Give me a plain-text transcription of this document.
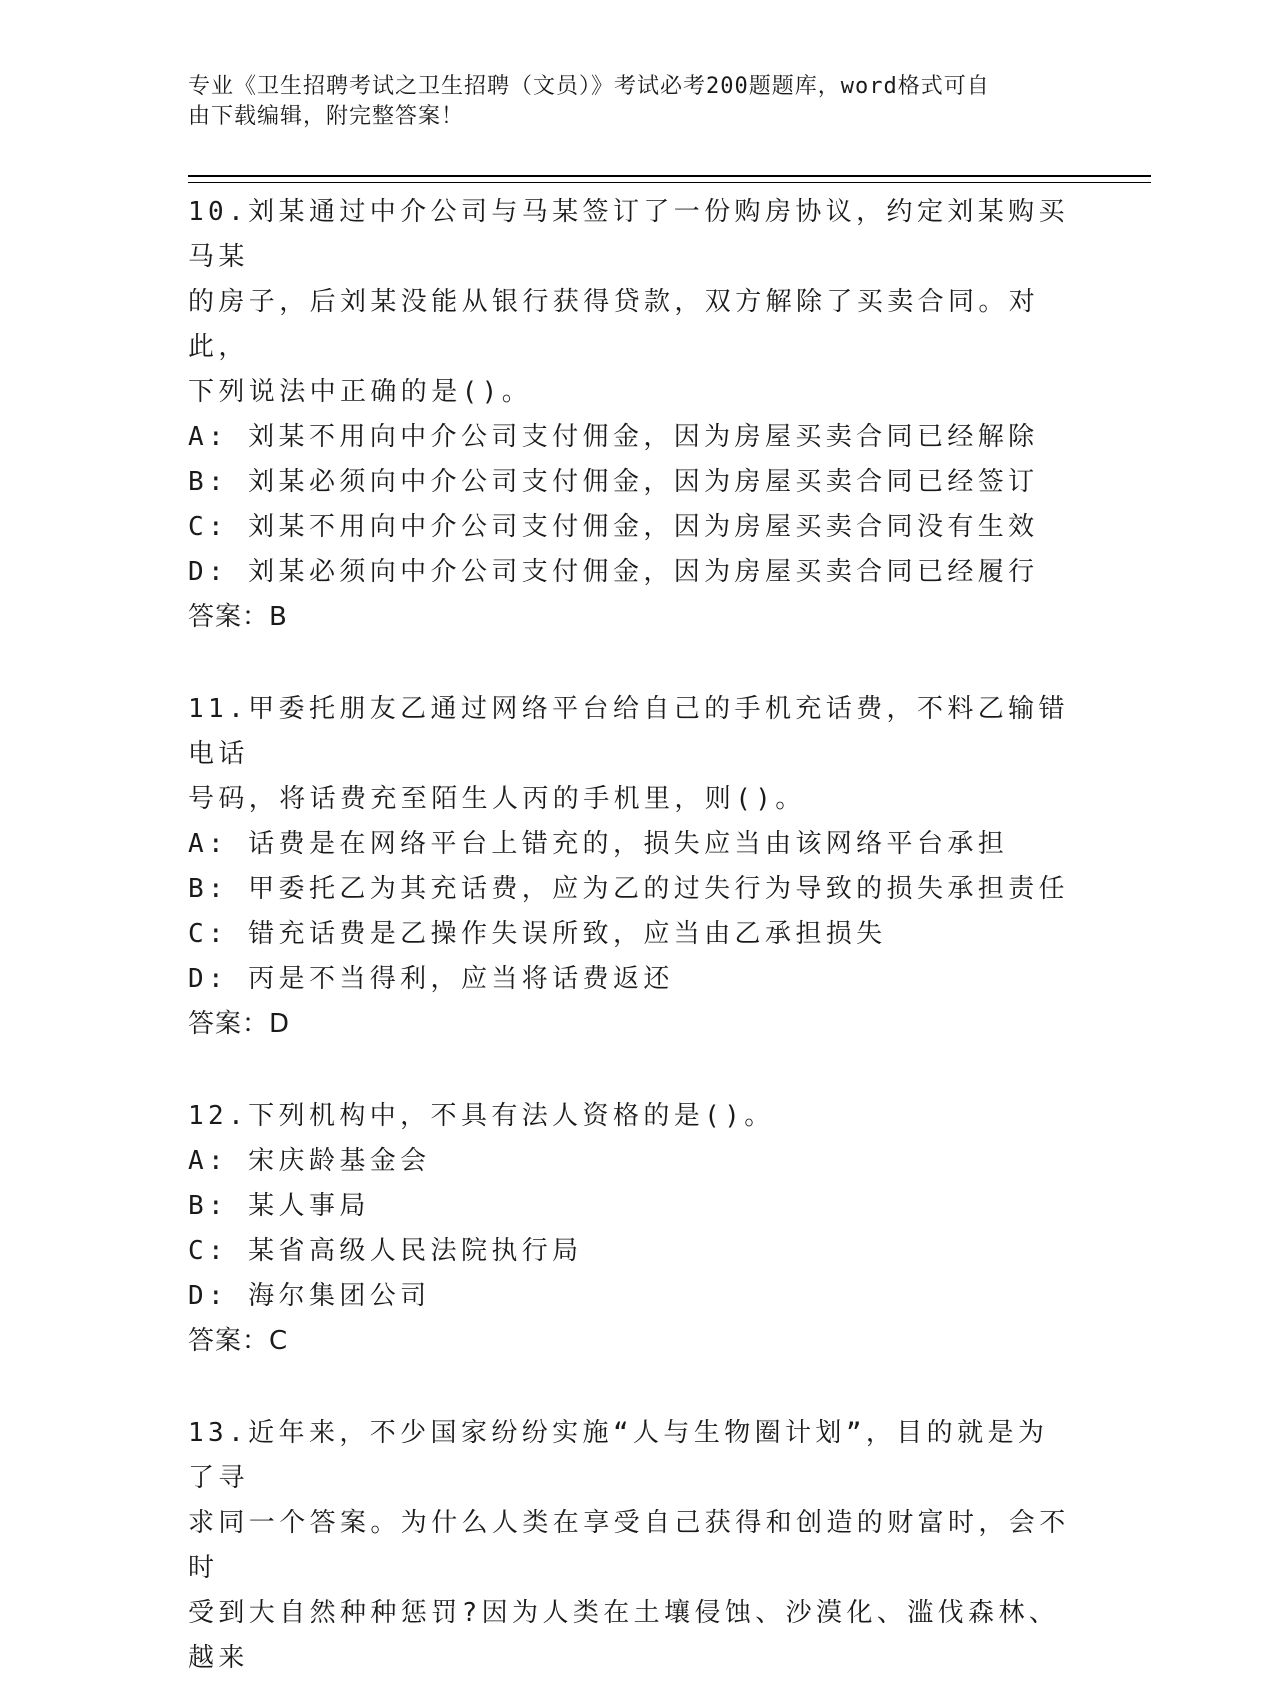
专业《卫生招聘考试之卫生招聘（文员）》考试必考200题题库，word格式可自
由下载编辑，附完整答案！
10.刘某通过中介公司与马某签订了一份购房协议，约定刘某购买马某
的房子，后刘某没能从银行获得贷款，双方解除了买卖合同。对此，
下列说法中正确的是()。
A: 刘某不用向中介公司支付佣金，因为房屋买卖合同已经解除
B: 刘某必须向中介公司支付佣金，因为房屋买卖合同已经签订
C: 刘某不用向中介公司支付佣金，因为房屋买卖合同没有生效
D: 刘某必须向中介公司支付佣金，因为房屋买卖合同已经履行
答案：B
11.甲委托朋友乙通过网络平台给自己的手机充话费，不料乙输错电话
号码，将话费充至陌生人丙的手机里，则()。
A: 话费是在网络平台上错充的，损失应当由该网络平台承担
B: 甲委托乙为其充话费，应为乙的过失行为导致的损失承担责任
C: 错充话费是乙操作失误所致，应当由乙承担损失
D: 丙是不当得利，应当将话费返还
答案：D
12.下列机构中，不具有法人资格的是()。
A: 宋庆龄基金会
B: 某人事局
C: 某省高级人民法院执行局
D: 海尔集团公司
答案：C
13.近年来，不少国家纷纷实施“人与生物圈计划”，目的就是为了寻
求同一个答案。为什么人类在享受自己获得和创造的财富时，会不时
受到大自然种种惩罚?因为人类在土壤侵蚀、沙漠化、滥伐森林、越来
